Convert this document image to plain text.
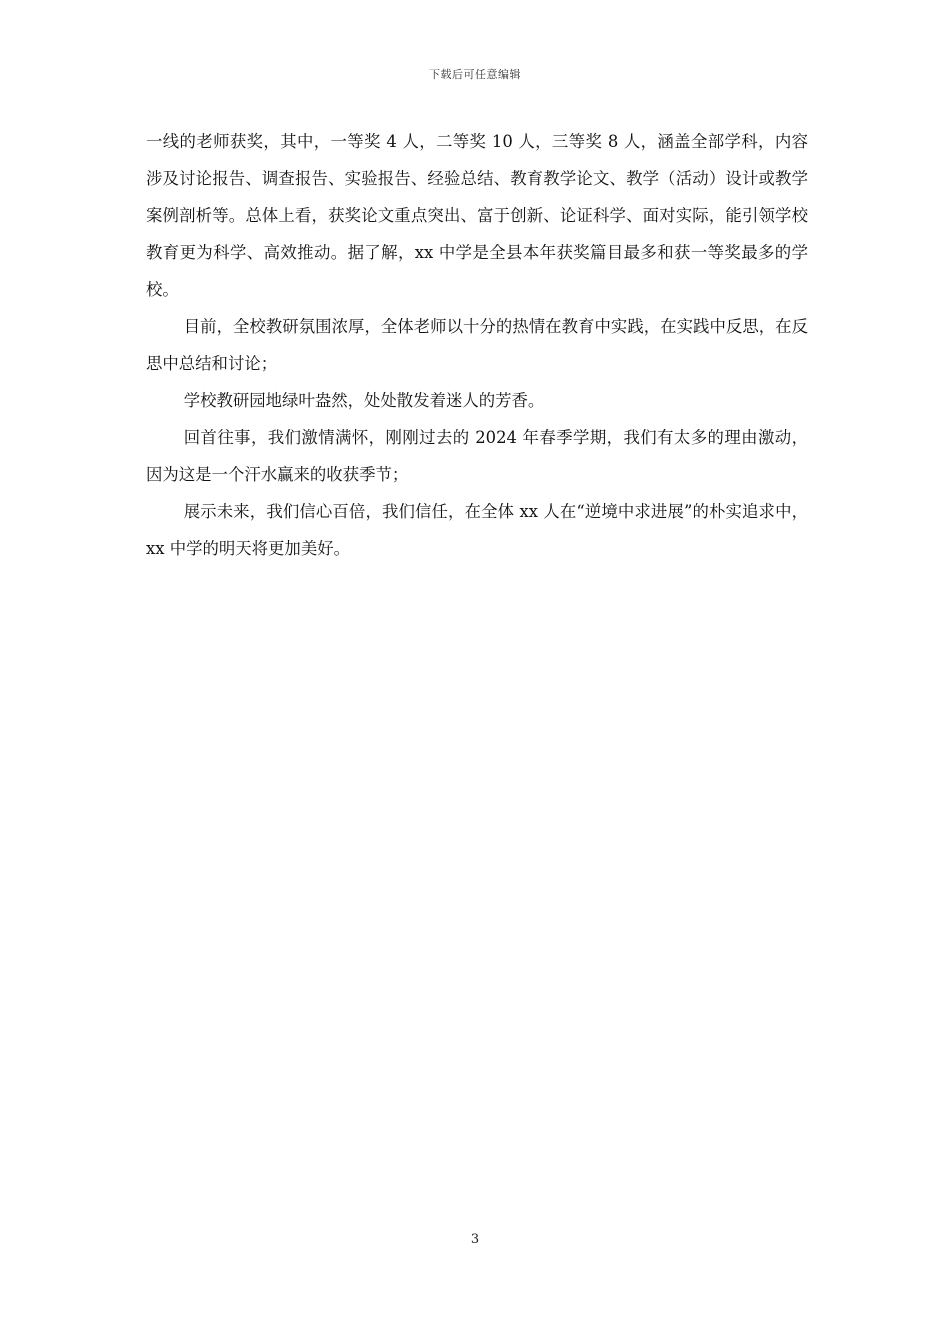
下载后可任意编辑

一线的老师获奖，其中，一等奖 4 人，二等奖 10 人，三等奖 8 人，涵盖全部学科，内容涉及讨论报告、调查报告、实验报告、经验总结、教育教学论文、教学（活动）设计或教学案例剖析等。总体上看，获奖论文重点突出、富于创新、论证科学、面对实际，能引领学校教育更为科学、高效推动。据了解，xx 中学是全县本年获奖篇目最多和获一等奖最多的学校。

目前，全校教研氛围浓厚，全体老师以十分的热情在教育中实践，在实践中反思，在反思中总结和讨论；

学校教研园地绿叶盎然，处处散发着迷人的芳香。

回首往事，我们激情满怀，刚刚过去的 2024 年春季学期，我们有太多的理由激动，因为这是一个汗水赢来的收获季节；

展示未来，我们信心百倍，我们信任，在全体 xx 人在“逆境中求进展”的朴实追求中，xx 中学的明天将更加美好。

3
